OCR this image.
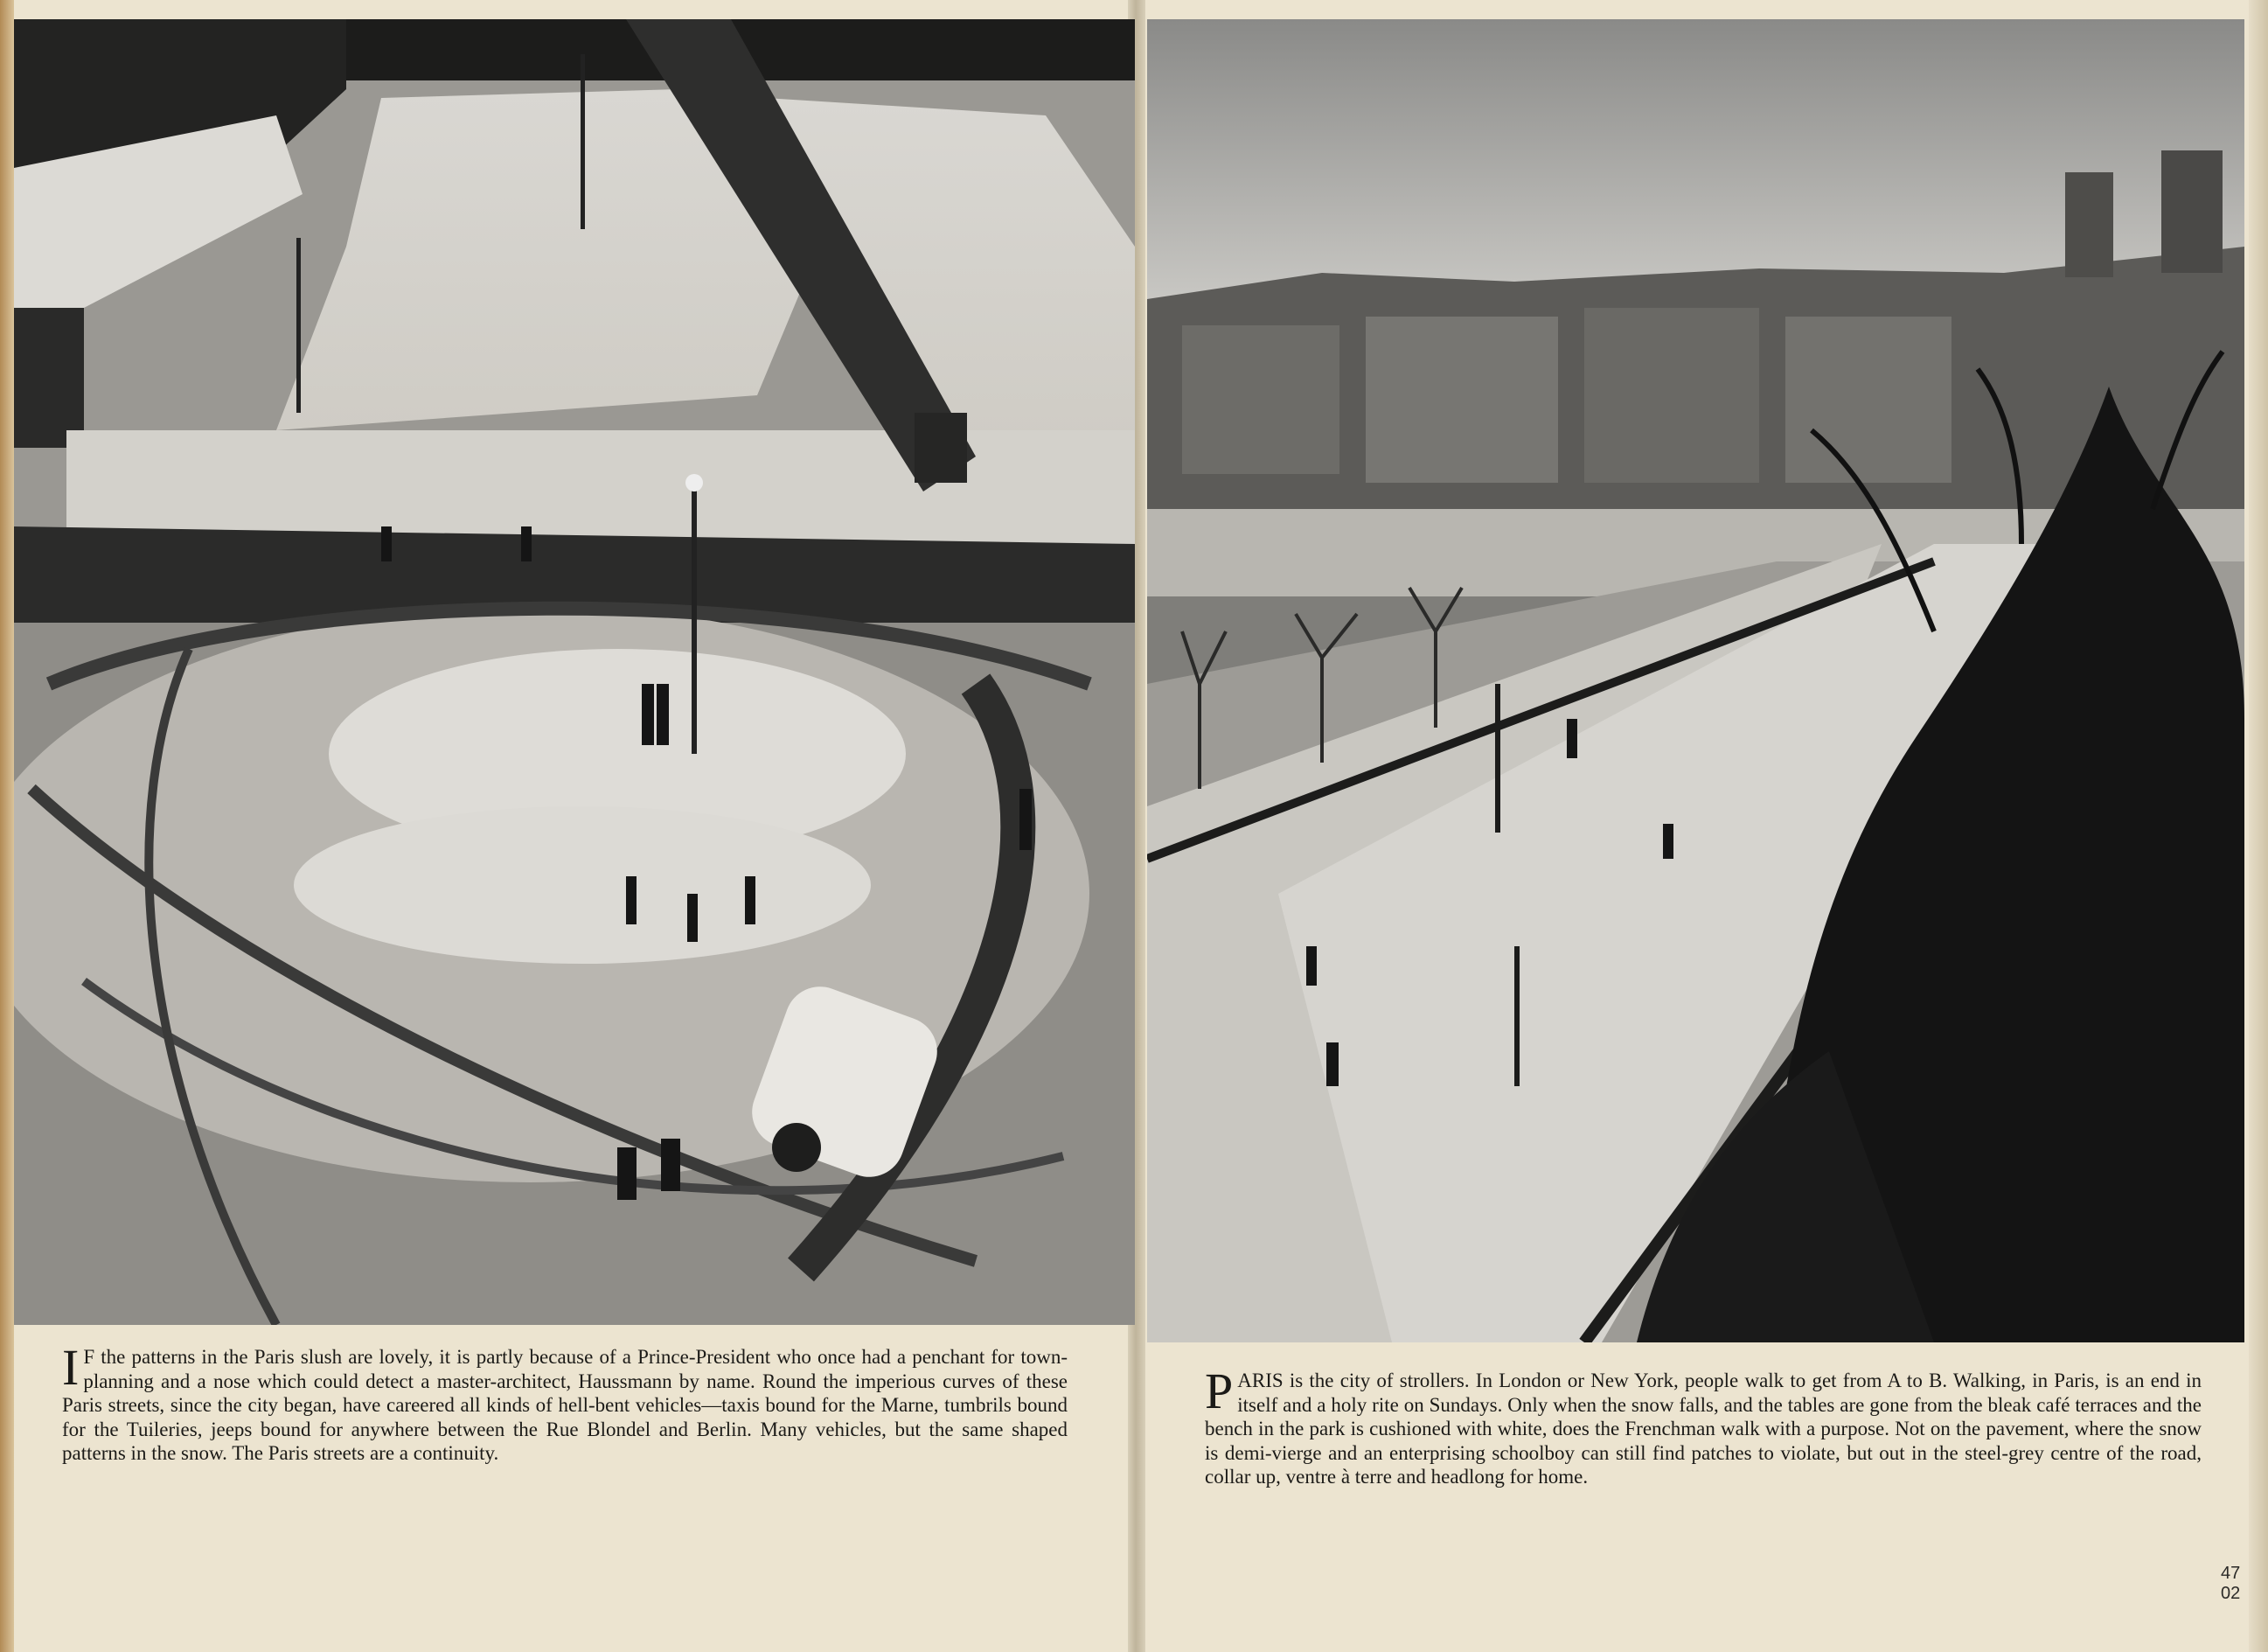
I F the patterns in the Paris slush are lovely, it is partly because of a Prince-President who once had a penchant for town-planning and a nose which could detect a master-architect, Haussmann by name. Round the imperious curves of these Paris streets, since the city began, have careered all kinds of hell-bent vehicles—taxis bound for the Marne, tumbrils bound for the Tuileries, jeeps bound for anywhere between the Rue Blondel and Berlin. Many vehicles, but the same shaped patterns in the snow. The Paris streets are a continuity.

PARIS is the city of strollers. In London or New York, people walk to get from A to B. Walking, in Paris, is an end in itself and a holy rite on Sundays. Only when the snow falls, and the tables are gone from the bleak café terraces and the bench in the park is cushioned with white, does the Frenchman walk with a purpose. Not on the pavement, where the snow is demi-vierge and an enterprising schoolboy can still find patches to violate, but out in the steel-grey centre of the road, collar up, ventre à terre and headlong for home.

47 02
